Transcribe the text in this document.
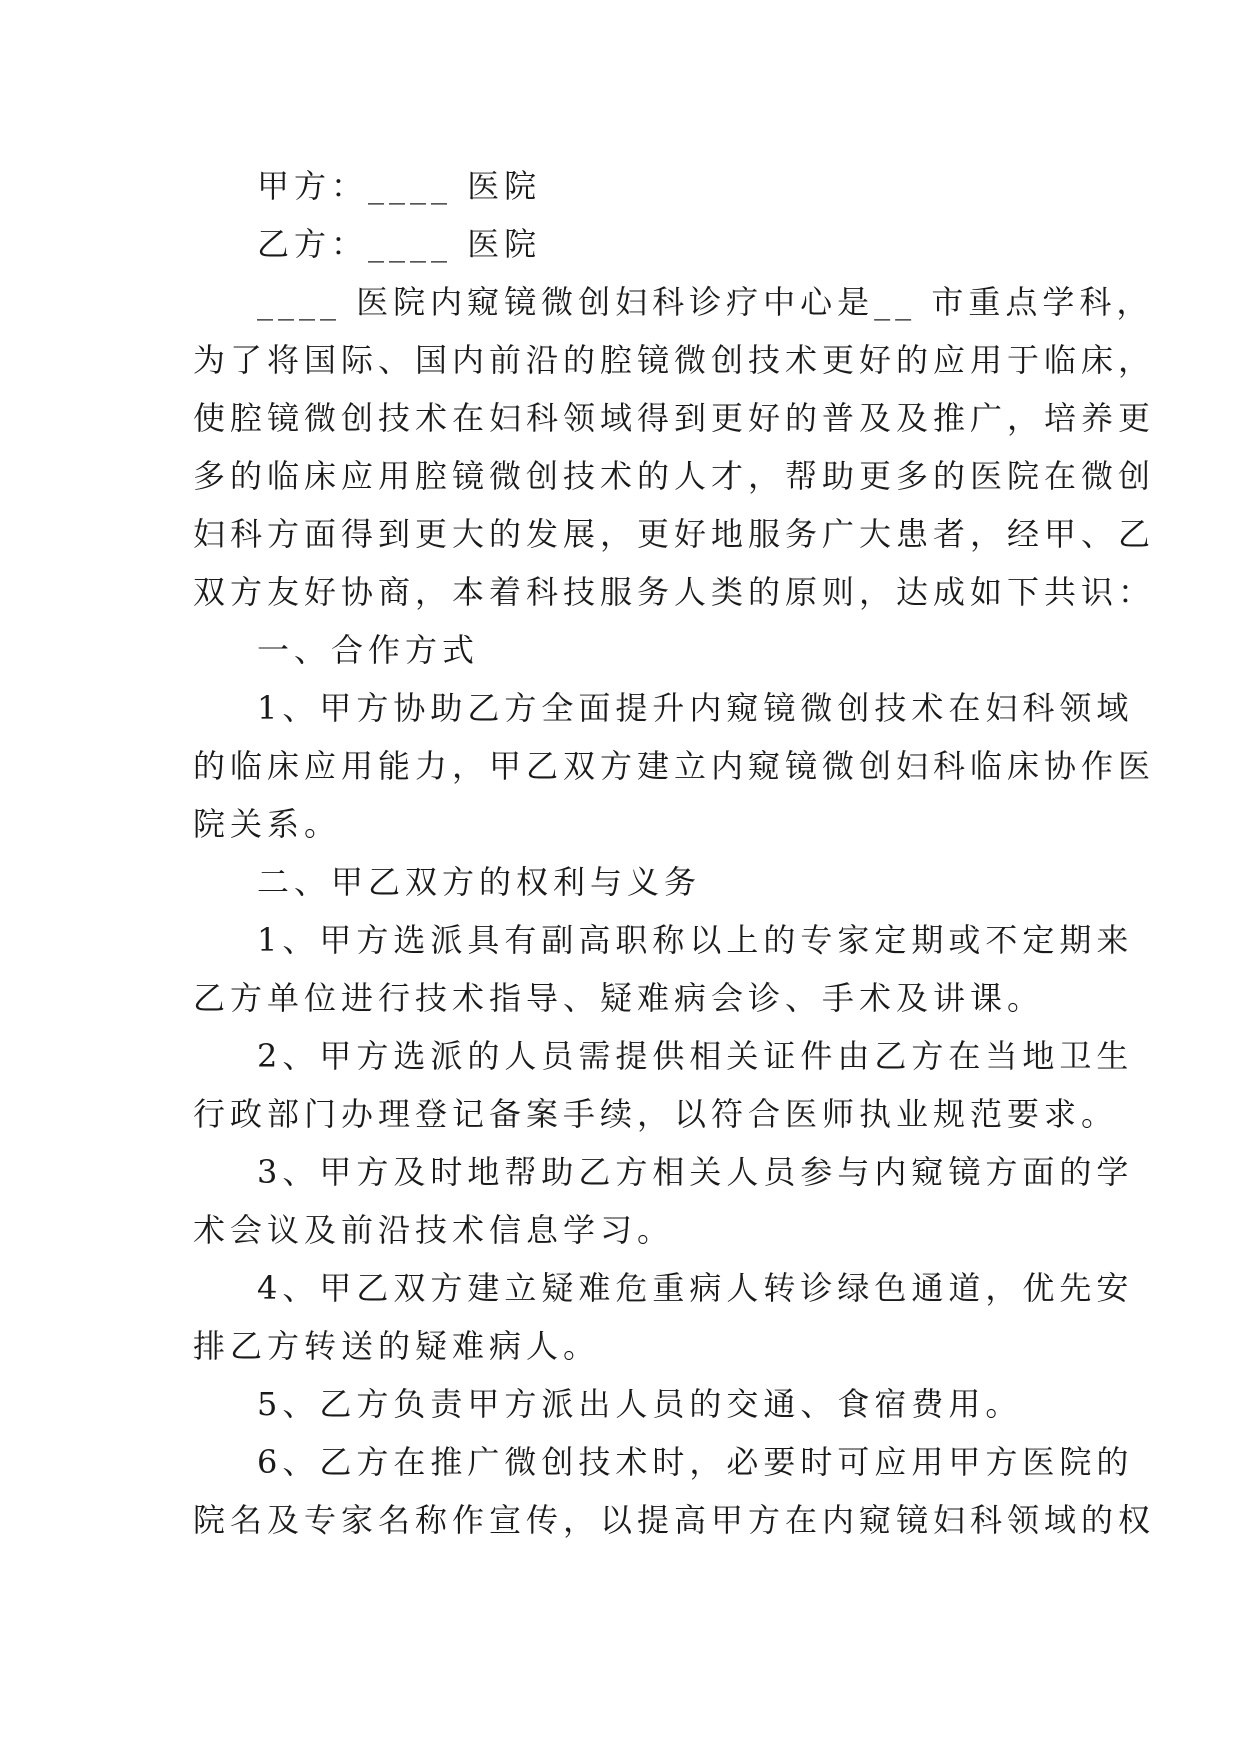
甲方：____ 医院
乙方：____ 医院
____ 医院内窥镜微创妇科诊疗中心是__ 市重点学科，
为了将国际、国内前沿的腔镜微创技术更好的应用于临床，
使腔镜微创技术在妇科领域得到更好的普及及推广，培养更
多的临床应用腔镜微创技术的人才，帮助更多的医院在微创
妇科方面得到更大的发展，更好地服务广大患者，经甲、乙
双方友好协商，本着科技服务人类的原则，达成如下共识：
一、合作方式
1、甲方协助乙方全面提升内窥镜微创技术在妇科领域
的临床应用能力，甲乙双方建立内窥镜微创妇科临床协作医
院关系。
二、甲乙双方的权利与义务
1、甲方选派具有副高职称以上的专家定期或不定期来
乙方单位进行技术指导、疑难病会诊、手术及讲课。
2、甲方选派的人员需提供相关证件由乙方在当地卫生
行政部门办理登记备案手续，以符合医师执业规范要求。
3、甲方及时地帮助乙方相关人员参与内窥镜方面的学
术会议及前沿技术信息学习。
4、甲乙双方建立疑难危重病人转诊绿色通道，优先安
排乙方转送的疑难病人。
5、乙方负责甲方派出人员的交通、食宿费用。
6、乙方在推广微创技术时，必要时可应用甲方医院的
院名及专家名称作宣传，以提高甲方在内窥镜妇科领域的权
